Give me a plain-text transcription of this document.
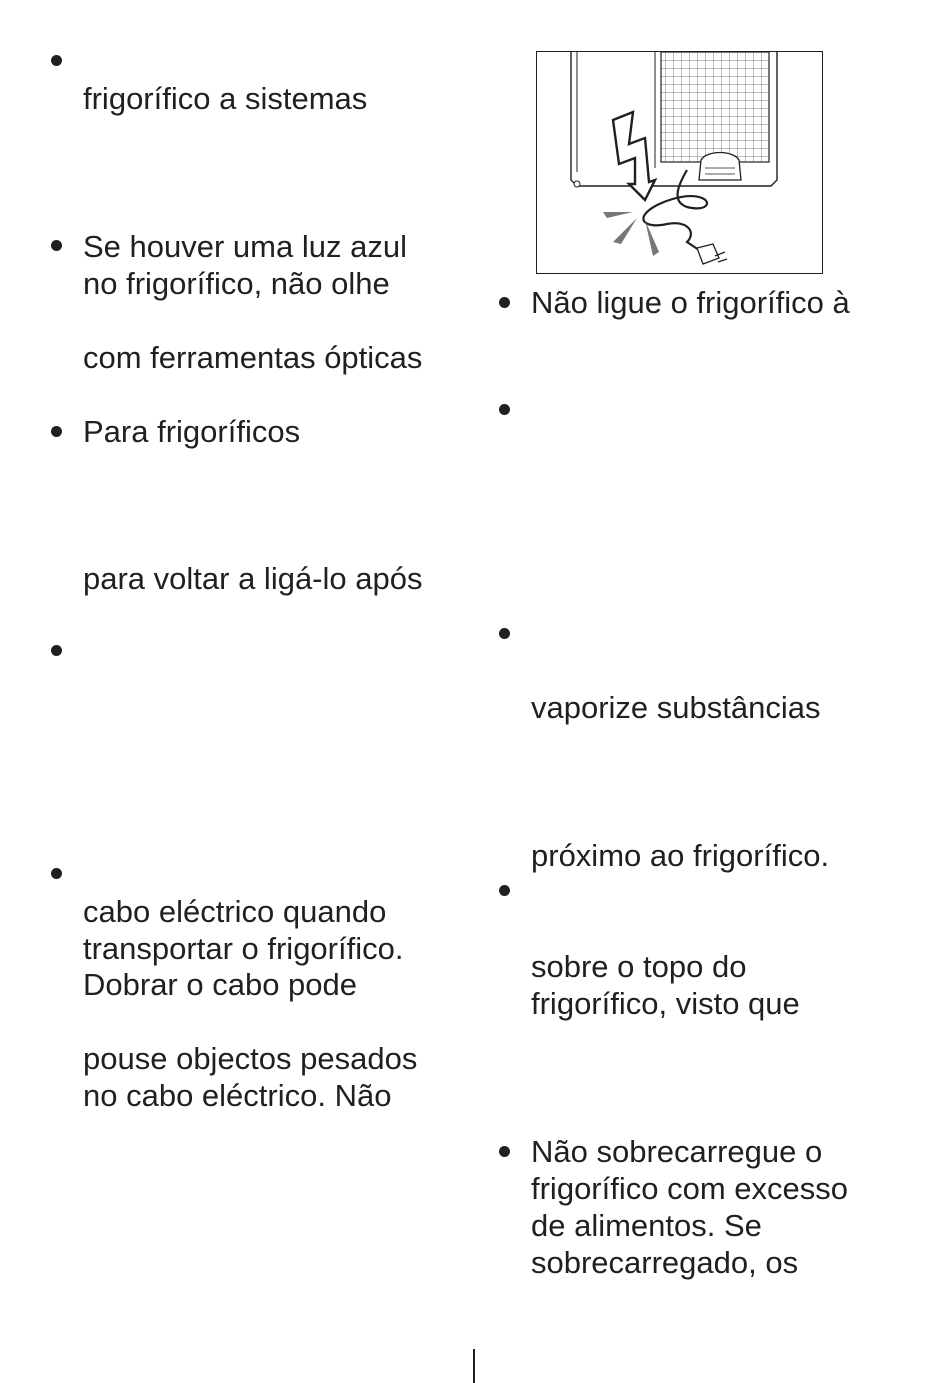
frigorífico a sistemas
Se houver uma luz azul
no frigorífico, não olhe
com ferramentas ópticas
Para frigoríficos
para voltar a ligá-lo após
cabo eléctrico quando
transportar o frigorífico.
Dobrar o cabo pode
pouse objectos pesados
no cabo eléctrico. Não
Não ligue o frigorífico à
vaporize substâncias
próximo ao frigorífico.
sobre o topo do
frigorífico, visto que
Não sobrecarregue o
frigorífico com excesso
de alimentos. Se
sobrecarregado, os
